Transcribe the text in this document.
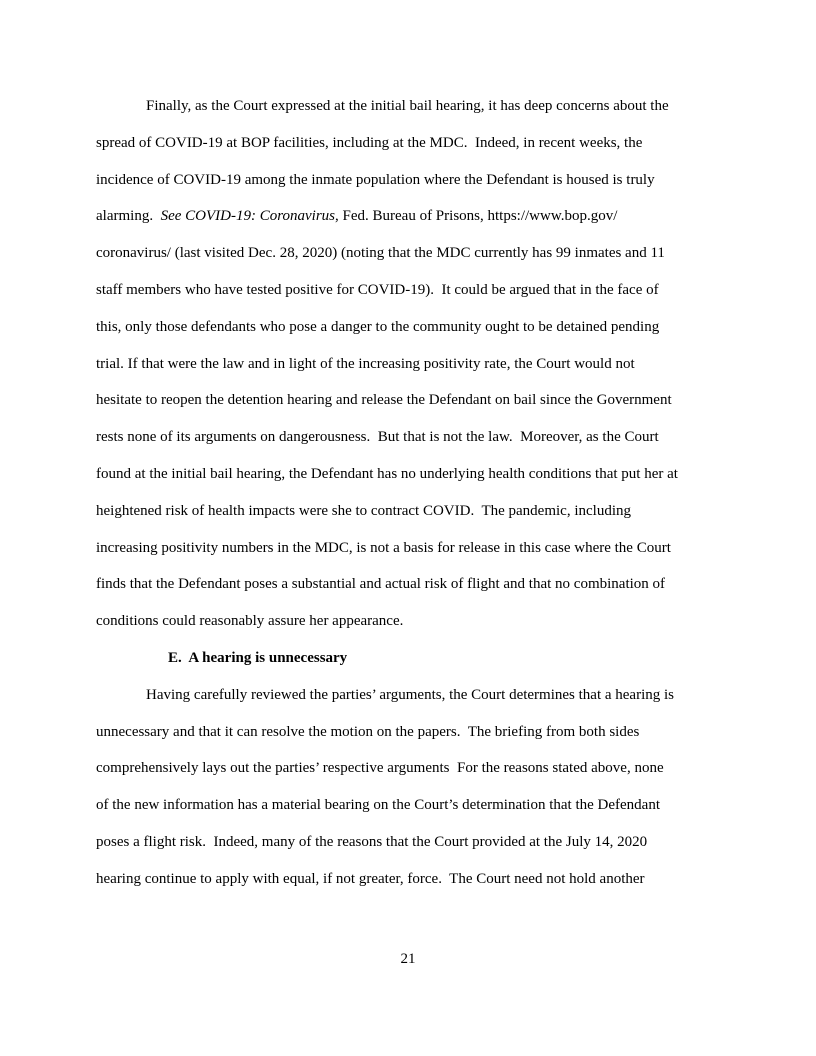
Finally, as the Court expressed at the initial bail hearing, it has deep concerns about the
spread of COVID-19 at BOP facilities, including at the MDC.  Indeed, in recent weeks, the
incidence of COVID-19 among the inmate population where the Defendant is housed is truly
alarming.  See COVID-19: Coronavirus, Fed. Bureau of Prisons, https://www.bop.gov/
coronavirus/ (last visited Dec. 28, 2020) (noting that the MDC currently has 99 inmates and 11
staff members who have tested positive for COVID-19).  It could be argued that in the face of
this, only those defendants who pose a danger to the community ought to be detained pending
trial. If that were the law and in light of the increasing positivity rate, the Court would not
hesitate to reopen the detention hearing and release the Defendant on bail since the Government
rests none of its arguments on dangerousness.  But that is not the law.  Moreover, as the Court
found at the initial bail hearing, the Defendant has no underlying health conditions that put her at
heightened risk of health impacts were she to contract COVID.  The pandemic, including
increasing positivity numbers in the MDC, is not a basis for release in this case where the Court
finds that the Defendant poses a substantial and actual risk of flight and that no combination of
conditions could reasonably assure her appearance.
E.  A hearing is unnecessary
Having carefully reviewed the parties’ arguments, the Court determines that a hearing is
unnecessary and that it can resolve the motion on the papers.  The briefing from both sides
comprehensively lays out the parties’ respective arguments  For the reasons stated above, none
of the new information has a material bearing on the Court’s determination that the Defendant
poses a flight risk.  Indeed, many of the reasons that the Court provided at the July 14, 2020
hearing continue to apply with equal, if not greater, force.  The Court need not hold another
21
